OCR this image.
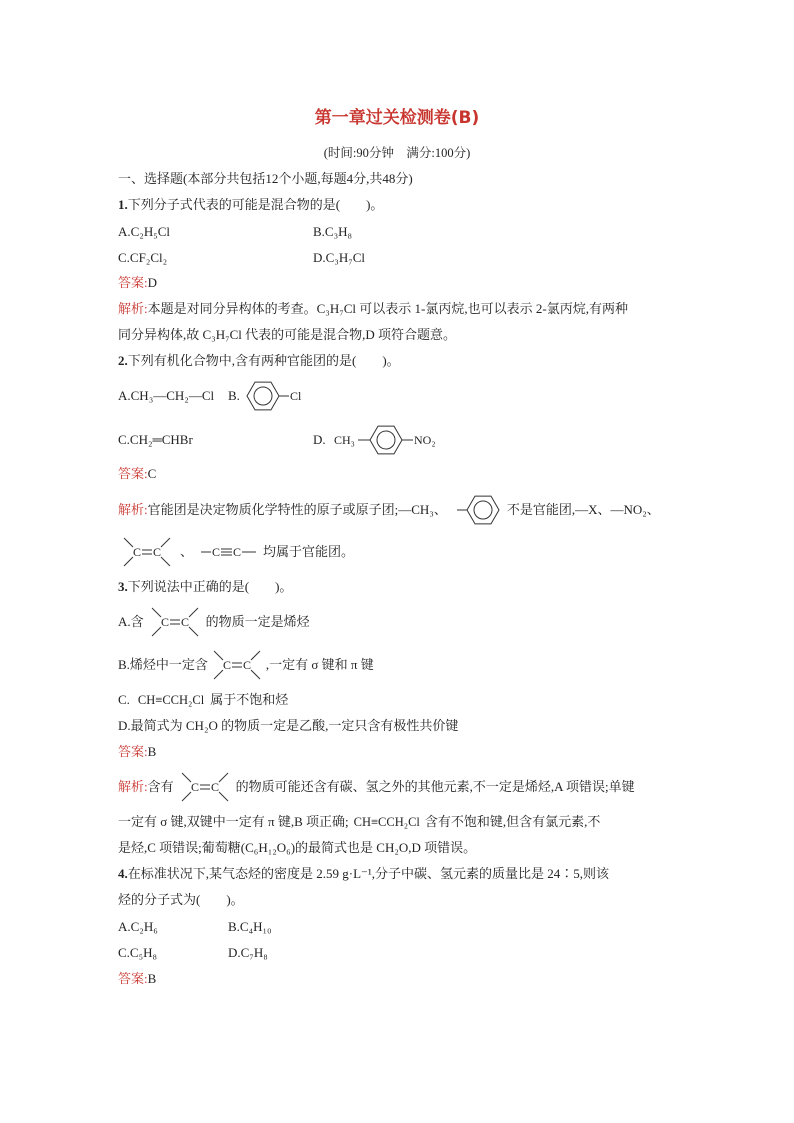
第一章过关检测卷(B)
(时间:90分钟　满分:100分)
一、选择题(本部分共包括12个小题,每题4分,共48分)
1. 下列分子式代表的可能是混合物的是(　　)。
A.C₂H₅Cl	B.C₃H₈
C.CF₂Cl₂	D.C₃H₇Cl
答案: D
解析: 本题是对同分异构体的考查。C₃H₇Cl 可以表示 1-氯丙烷,也可以表示 2-氯丙烷,有两种
同分异构体,故 C₃H₇Cl 代表的可能是混合物,D 项符合题意。
2. 下列有机化合物中,含有两种官能团的是(　　)。
A.CH₃—CH₂—Cl B.	Cl
C.CH₂═CHBr	D. CH₃	NO₂
答案: C
解析: 官能团是决定物质化学特性的原子或原子团;—CH₃、	不是官能团,—X、—NO₂、
C C 、 C C 均属于官能团。
3. 下列说法中正确的是(　　)。
A.含 C C 的物质一定是烯烃
B.烯烃中一定含 C C ,一定有 σ 键和 π 键
C. CH≡CCH₂Cl 属于不饱和烃
D.最简式为 CH₂O 的物质一定是乙酸,一定只含有极性共价键
答案: B
解析: 含有 C C 的物质可能还含有碳、氢之外的其他元素,不一定是烯烃,A 项错误;单键
一定有 σ 键,双键中一定有 π 键,B 项正确; CH≡CCH₂Cl 含有不饱和键,但含有氯元素,不
是烃,C 项错误;葡萄糖(C₆H₁₂O₆)的最简式也是 CH₂O,D 项错误。
4. 在标准状况下,某气态烃的密度是 2.59 g·L⁻¹,分子中碳、氢元素的质量比是 24∶5,则该
烃的分子式为(　　)。
A.C₂H₆	B.C₄H₁₀
C.C₅H₈	D.C₇H₈
答案: B
